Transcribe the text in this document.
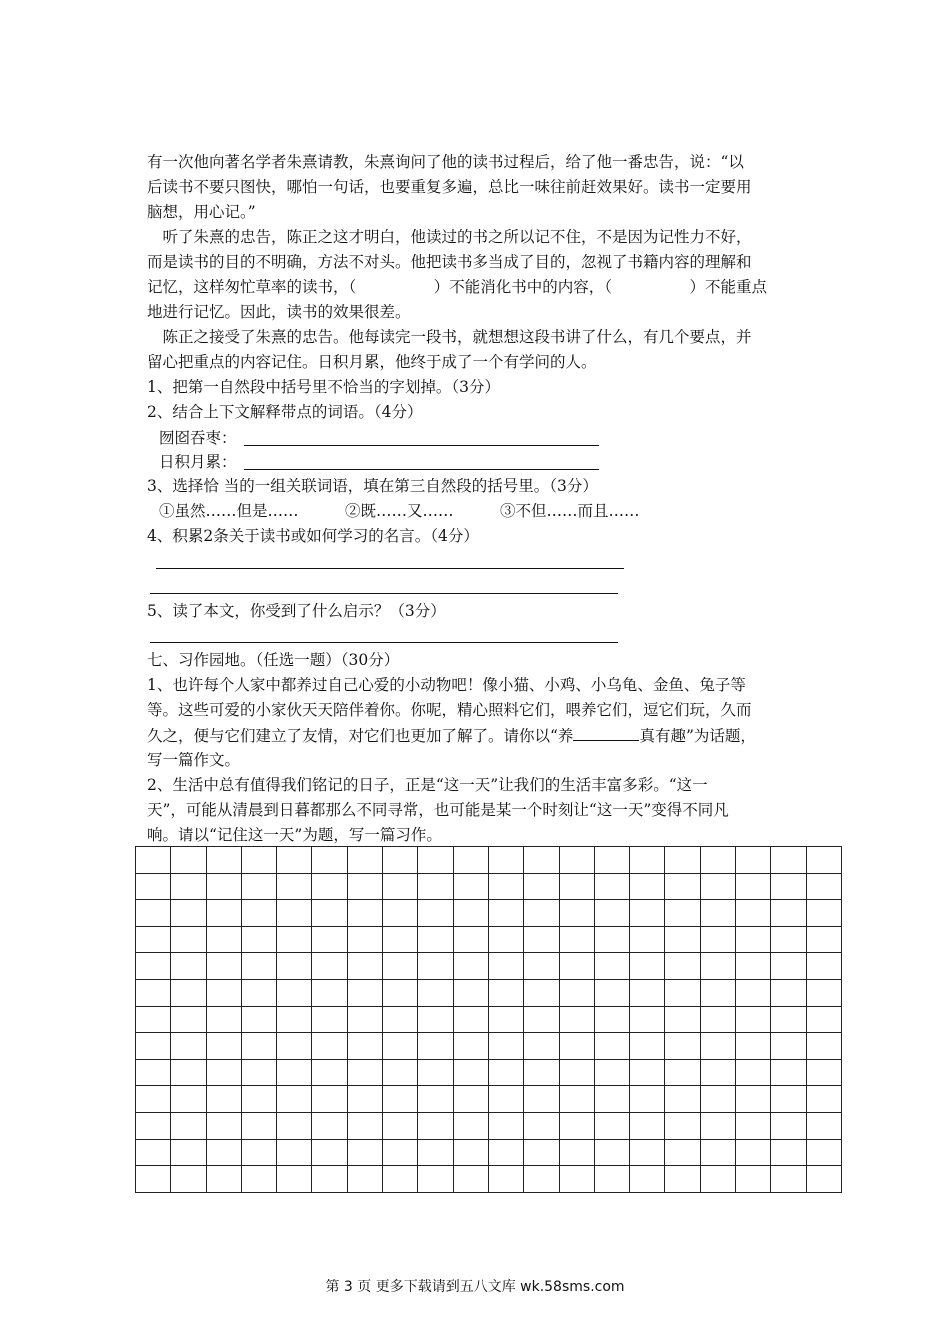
有一次他向著名学者朱熹请教，朱熹询问了他的读书过程后，给了他一番忠告，说：“以
后读书不要只图快，哪怕一句话，也要重复多遍，总比一味往前赶效果好。读书一定要用
脑想，用心记。”
　听了朱熹的忠告，陈正之这才明白，他读过的书之所以记不住，不是因为记性力不好，
而是读书的目的不明确，方法不对头。他把读书多当成了目的，忽视了书籍内容的理解和
记忆，这样匆忙草率的读书，（　　　　　）不能消化书中的内容，（　　　　　）不能重点
地进行记忆。因此，读书的效果很差。
　陈正之接受了朱熹的忠告。他每读完一段书，就想想这段书讲了什么，有几个要点，并
留心把重点的内容记住。日积月累，他终于成了一个有学问的人。
1、把第一自然段中括号里不恰当的字划掉。（3分）
2、结合上下文解释带点的词语。（4分）
囫囵吞枣：
日积月累：
3、选择恰 当的一组关联词语，填在第三自然段的括号里。（3分）
①虽然……但是……　　　②既……又……　　　③不但……而且……
4、积累2条关于读书或如何学习的名言。（4分）
5、读了本文，你受到了什么启示？（3分）
七、习作园地。（任选一题）（30分）
1、也许每个人家中都养过自己心爱的小动物吧！像小猫、小鸡、小乌龟、金鱼、兔子等
等。这些可爱的小家伙天天陪伴着你。你呢，精心照料它们，喂养它们，逗它们玩，久而
久之，便与它们建立了友情，对它们也更加了解了。请你以“养	真有趣”为话题，
写一篇作文。
2、生活中总有值得我们铭记的日子，正是“这一天”让我们的生活丰富多彩。“这一
天”，可能从清晨到日暮都那么不同寻常，也可能是某一个时刻让“这一天”变得不同凡
响。请以“记住这一天”为题，写一篇习作。

第 3 页 更多下载请到五八文库 wk.58sms.com
